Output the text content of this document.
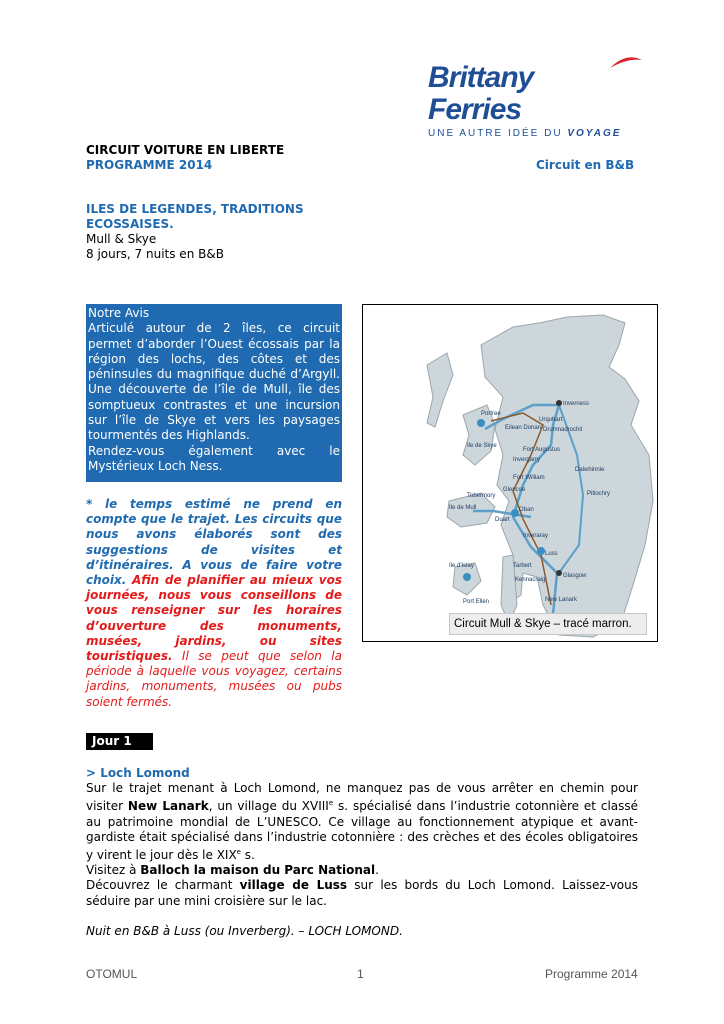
Brittany Ferries
UNE AUTRE IDÉE DU VOYAGE
CIRCUIT VOITURE EN LIBERTE
PROGRAMME 2014	Circuit en B&B
ILES DE LEGENDES, TRADITIONS
ECOSSAISES.
Mull & Skye
8 jours, 7 nuits en B&B
Notre Avis
Articulé autour de 2 îles, ce circuit permet d’aborder l’Ouest écossais par la région des lochs, des côtes et des péninsules du magnifique duché d’Argyll. Une découverte de l’île de Mull, île des somptueux contrastes et une incursion sur l’île de Skye et vers les paysages tourmentés des Highlands.
Rendez-vous également avec le Mystérieux Loch Ness.
* le temps estimé ne prend en compte que le trajet. Les circuits que nous avons élaborés sont des suggestions de visites et d’itinéraires. A vous de faire votre choix. Afin de planifier au mieux vos journées, nous vous conseillons de vous renseigner sur les horaires d’ouverture des monuments, musées, jardins, ou sites touristiques. Il se peut que selon la période à laquelle vous voyagez, certains jardins, monuments, musées ou pubs soient fermés.
Portree
Ile de Skye
Eilean Donan
Inverness
Urquhart
Drumnadrochit
Fort Augustus
Invergarry
Fort William
Glencoe
Oban
Ile de Mull
Tobermory
Duart
Inveraray
Luss
Glasgow
New Lanark
Tarbert
Kennacraig
Ile d'Islay
Port Ellen
Pitlochry
Dalwhinnie
Circuit Mull & Skye – tracé marron.
Jour 1

> Loch Lomond

Sur le trajet menant à Loch Lomond, ne manquez pas de vous arrêter en chemin pour visiter New Lanark, un village du XVIIIe s. spécialisé dans l’industrie cotonnière et classé au patrimoine mondial de L’UNESCO. Ce village au fonctionnement atypique et avant-gardiste était spécialisé dans l’industrie cotonnière : des crèches et des écoles obligatoires y virent le jour dès le XIXe s.

Visitez à Balloch la maison du Parc National.

Découvrez le charmant village de Luss sur les bords du Loch Lomond. Laissez-vous séduire par une mini croisière sur le lac.

Nuit en B&B à Luss (ou Inverberg). – LOCH LOMOND.

OTOMUL	1	Programme 2014
